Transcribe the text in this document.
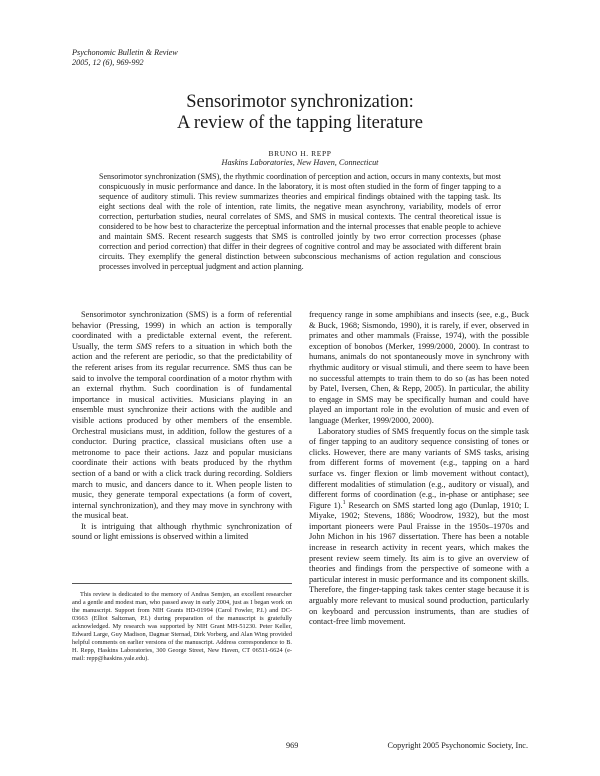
Psychonomic Bulletin & Review
2005, 12 (6), 969-992
Sensorimotor synchronization:
A review of the tapping literature
BRUNO H. REPP
Haskins Laboratories, New Haven, Connecticut
Sensorimotor synchronization (SMS), the rhythmic coordination of perception and action, occurs in many contexts, but most conspicuously in music performance and dance. In the laboratory, it is most often studied in the form of finger tapping to a sequence of auditory stimuli. This review summarizes theories and empirical findings obtained with the tapping task. Its eight sections deal with the role of intention, rate limits, the negative mean asynchrony, variability, models of error correction, perturbation studies, neural correlates of SMS, and SMS in musical contexts. The central theoretical issue is considered to be how best to characterize the perceptual information and the internal processes that enable people to achieve and maintain SMS. Recent research suggests that SMS is controlled jointly by two error correction processes (phase correction and period correction) that differ in their degrees of cognitive control and may be associated with different brain circuits. They exemplify the general distinction between subconscious mechanisms of action regulation and conscious processes involved in perceptual judgment and action planning.

Sensorimotor synchronization (SMS) is a form of referential behavior (Pressing, 1999) in which an action is temporally coordinated with a predictable external event, the referent. Usually, the term SMS refers to a situation in which both the action and the referent are periodic, so that the predictability of the referent arises from its regular recurrence. SMS thus can be said to involve the temporal coordination of a motor rhythm with an external rhythm. Such coordination is of fundamental importance in musical activities. Musicians playing in an ensemble must synchronize their actions with the audible and visible actions produced by other members of the ensemble. Orchestral musicians must, in addition, follow the gestures of a conductor. During practice, classical musicians often use a metronome to pace their actions. Jazz and popular musicians coordinate their actions with beats produced by the rhythm section of a band or with a click track during recording. Soldiers march to music, and dancers dance to it. When people listen to music, they generate temporal expectations (a form of covert, internal synchronization), and they may move in synchrony with the musical beat.

It is intriguing that although rhythmic synchronization of sound or light emissions is observed within a limited

frequency range in some amphibians and insects (see, e.g., Buck & Buck, 1968; Sismondo, 1990), it is rarely, if ever, observed in primates and other mammals (Fraisse, 1974), with the possible exception of bonobos (Merker, 1999/2000, 2000). In contrast to humans, animals do not spontaneously move in synchrony with rhythmic auditory or visual stimuli, and there seem to have been no successful attempts to train them to do so (as has been noted by Patel, Iversen, Chen, & Repp, 2005). In particular, the ability to engage in SMS may be specifically human and could have played an important role in the evolution of music and even of language (Merker, 1999/2000, 2000).

Laboratory studies of SMS frequently focus on the simple task of finger tapping to an auditory sequence consisting of tones or clicks. However, there are many variants of SMS tasks, arising from different forms of movement (e.g., tapping on a hard surface vs. finger flexion or limb movement without contact), different modalities of stimulation (e.g., auditory or visual), and different forms of coordination (e.g., in-phase or antiphase; see Figure 1).$^1$ Research on SMS started long ago (Dunlap, 1910; I. Miyake, 1902; Stevens, 1886; Woodrow, 1932), but the most important pioneers were Paul Fraisse in the 1950s–1970s and John Michon in his 1967 dissertation. There has been a notable increase in research activity in recent years, which makes the present review seem timely. Its aim is to give an overview of theories and findings from the perspective of someone with a particular interest in music performance and its component skills. Therefore, the finger-tapping task takes center stage because it is arguably more relevant to musical sound production, particularly on keyboard and percussion instruments, than are studies of contact-free limb movement.

This review is dedicated to the memory of Andras Semjen, an excellent researcher and a gentle and modest man, who passed away in early 2004, just as I began work on the manuscript. Support from NIH Grants HD-01994 (Carol Fowler, P.I.) and DC-03663 (Elliot Saltzman, P.I.) during preparation of the manuscript is gratefully acknowledged. My research was supported by NIH Grant MH-51230. Peter Keller, Edward Large, Guy Madison, Dagmar Sternad, Dirk Vorberg, and Alan Wing provided helpful comments on earlier versions of the manuscript. Address correspondence to B. H. Repp, Haskins Laboratories, 300 George Street, New Haven, CT 06511-6624 (e-mail: repp@haskins.yale.edu).

969	Copyright 2005 Psychonomic Society, Inc.
